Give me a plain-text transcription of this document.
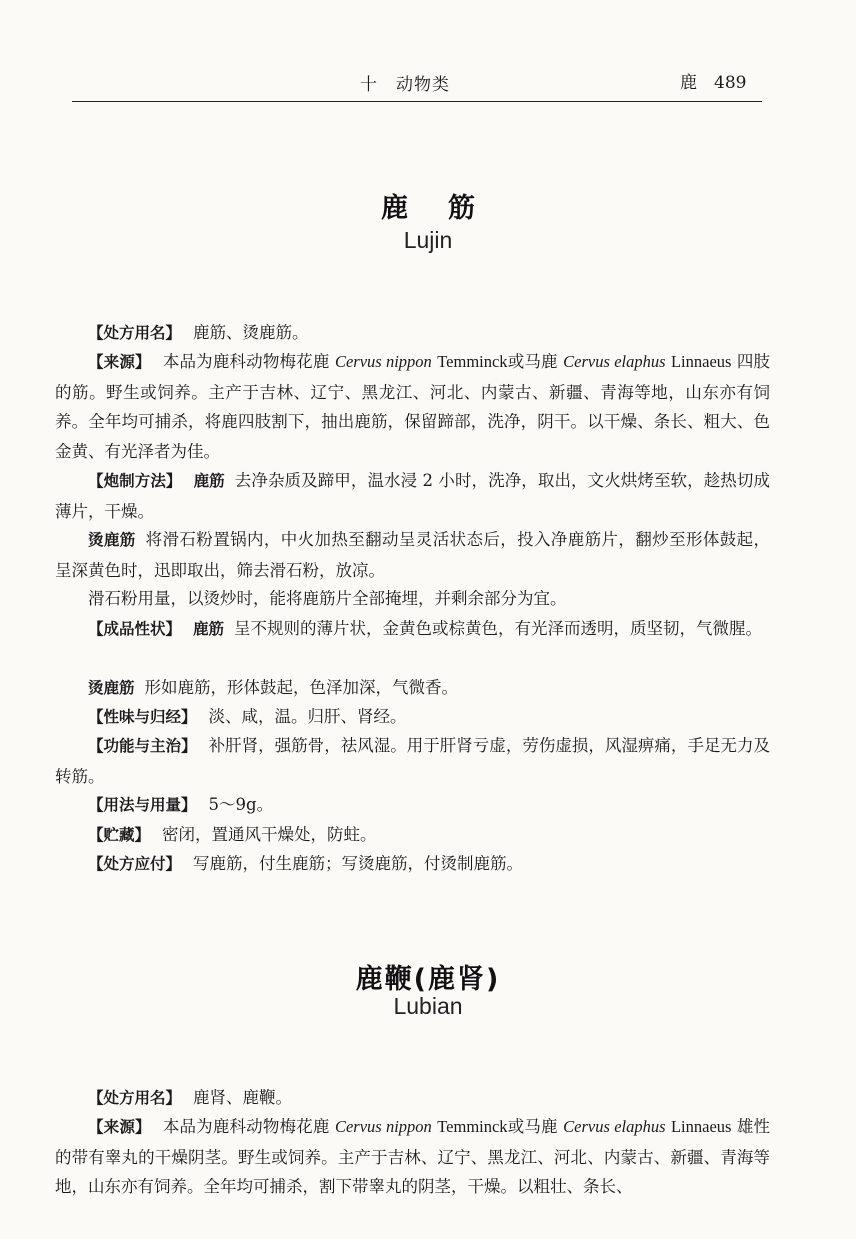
十　动物类	鹿　489
鹿筋
Lujin

【处方用名】 鹿筋、烫鹿筋。

【来源】 本品为鹿科动物梅花鹿 Cervus nippon Temminck或马鹿 Cervus elaphus Linnaeus 四肢的筋。野生或饲养。主产于吉林、辽宁、黑龙江、河北、内蒙古、新疆、青海等地，山东亦有饲养。全年均可捕杀，将鹿四肢割下，抽出鹿筋，保留蹄部，洗净，阴干。以干燥、条长、粗大、色金黄、有光泽者为佳。

【炮制方法】 鹿筋 去净杂质及蹄甲，温水浸 2 小时，洗净，取出，文火烘烤至软，趁热切成薄片，干燥。

烫鹿筋 将滑石粉置锅内，中火加热至翻动呈灵活状态后，投入净鹿筋片，翻炒至形体鼓起，呈深黄色时，迅即取出，筛去滑石粉，放凉。

滑石粉用量，以烫炒时，能将鹿筋片全部掩埋，并剩余部分为宜。

【成品性状】 鹿筋 呈不规则的薄片状，金黄色或棕黄色，有光泽而透明，质坚韧，气微腥。

烫鹿筋 形如鹿筋，形体鼓起，色泽加深，气微香。

【性味与归经】 淡、咸，温。归肝、肾经。

【功能与主治】 补肝肾，强筋骨，祛风湿。用于肝肾亏虚，劳伤虚损，风湿痹痛，手足无力及转筋。

【用法与用量】 5～9g。

【贮藏】 密闭，置通风干燥处，防蛀。

【处方应付】 写鹿筋，付生鹿筋；写烫鹿筋，付烫制鹿筋。

鹿鞭(鹿肾)
Lubian

【处方用名】 鹿肾、鹿鞭。

【来源】 本品为鹿科动物梅花鹿 Cervus nippon Temminck或马鹿 Cervus elaphus Linnaeus 雄性的带有睾丸的干燥阴茎。野生或饲养。主产于吉林、辽宁、黑龙江、河北、内蒙古、新疆、青海等地，山东亦有饲养。全年均可捕杀，割下带睾丸的阴茎，干燥。以粗壮、条长、
